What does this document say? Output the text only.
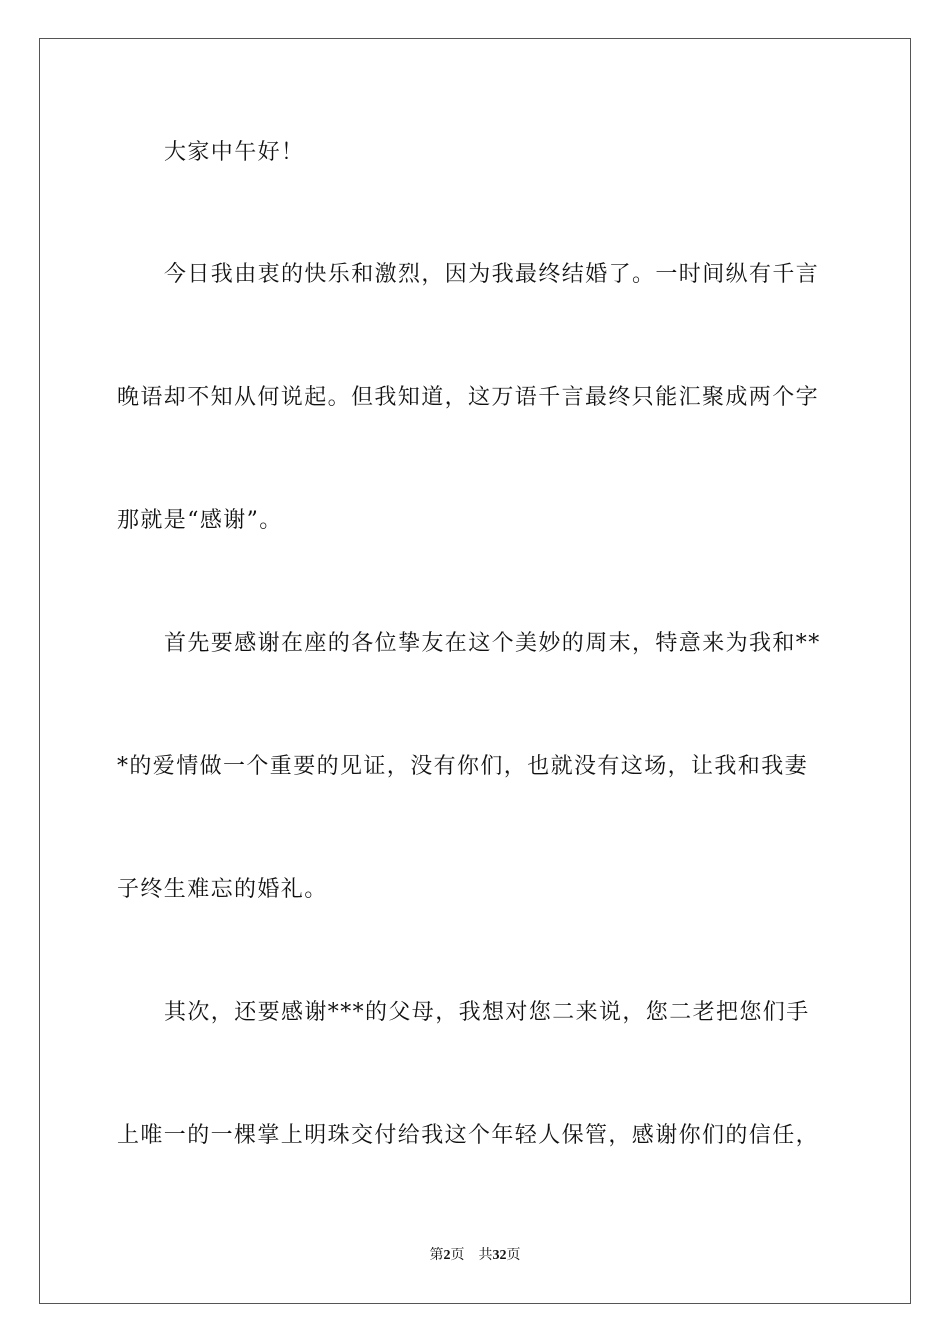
大家中午好！
今日我由衷的快乐和激烈，因为我最终结婚了。一时间纵有千言
晚语却不知从何说起。但我知道，这万语千言最终只能汇聚成两个字
那就是“感谢”。
首先要感谢在座的各位挚友在这个美妙的周末，特意来为我和**
*的爱情做一个重要的见证，没有你们，也就没有这场，让我和我妻
子终生难忘的婚礼。
其次，还要感谢***的父母，我想对您二来说，您二老把您们手
上唯一的一棵掌上明珠交付给我这个年轻人保管，感谢你们的信任，
第2页 共32页
